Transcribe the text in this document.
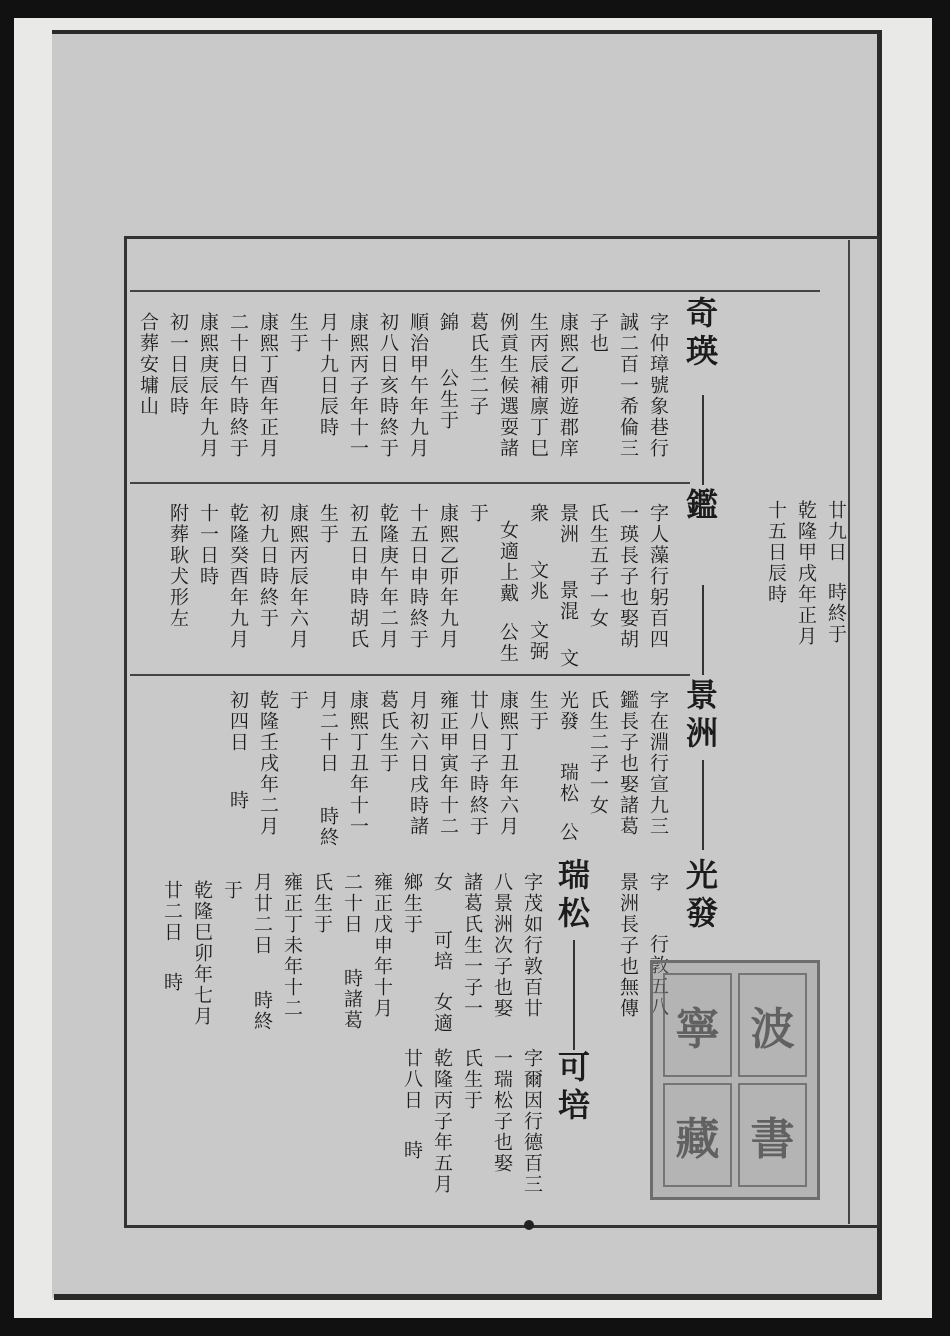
奇瑛
鑑
景洲
光發
瑞松
可培
字仲璋號象巷行
誠二百一希倫三
子也
康熙乙丣遊郡庠
生丙辰補廪丁巳
例貢生候選耍諸
葛氏生二子
錦
公生于
順治甲午年九月
初八日亥時終于
康熙丙子年十一
月十九日辰時
生于
康熙丁酉年正月
二十日午時終于
康熙庚辰年九月
初一日辰時
合葬安墉山
字人藻行躬百四
一瑛長子也娶胡
氏生五子一女
景洲
景混
文
衆
文兆
文弼
女適上戴
公生
于
康熙乙丣年九月
十五日申時終于
乾隆庚午年二月
初五日申時胡氏
生于
康熙丙辰年六月
初九日時終于
乾隆癸酉年九月
十一日時
附葬耿犬形左
字在淵行宣九三
鑑長子也娶諸葛
氏生二子一女
光發
瑞松
公
生于
康熙丁丑年六月
廿八日子時終于
雍正甲寅年十二
月初六日戌時諸
葛氏生于
康熙丁丑年十一
月二十日
時終
于
乾隆壬戌年二月
初四日
時
字
景洲長子也無傳 行敦五八
字茂如行敦百廿
八景洲次子也娶
諸葛氏生一子一
女
可培
女適
鄉生于
雍正戊申年十月
二十日
時諸葛
氏生于
雍正丁未年十二
月廿二日
時終
于
乾隆巳卯年七月
廿二日
時
字爾因行德百三
一瑞松子也娶
氏生于
乾隆丙子年五月
廿八日
時
廿九日
時終于
乾隆甲戌年正月
十五日辰時
寧 波
藏 書
